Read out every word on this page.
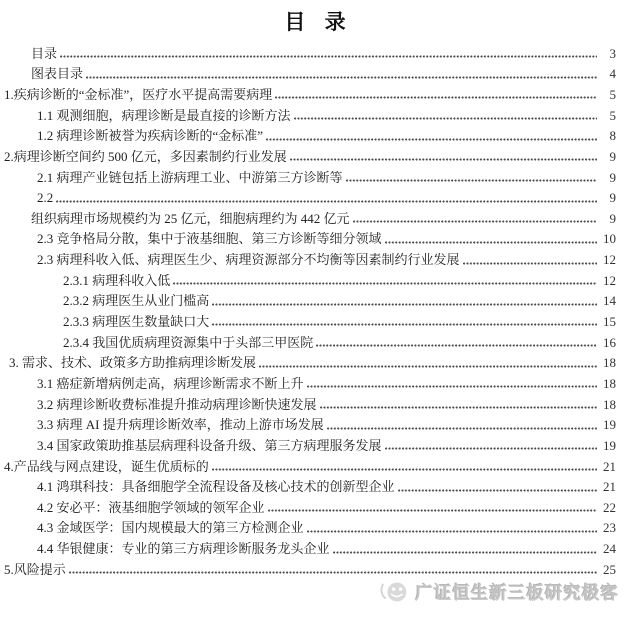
目 录
目录	3
图表目录	4
1.疾病诊断的“金标准”，医疗水平提高需要病理	5
1.1 观测细胞，病理诊断是最直接的诊断方法	5
1.2 病理诊断被誉为疾病诊断的“金标准”	8
2.病理诊断空间约 500 亿元，多因素制约行业发展	9
2.1 病理产业链包括上游病理工业、中游第三方诊断等	9
2.2	9
组织病理市场规模约为 25 亿元，细胞病理约为 442 亿元	9
2.3 竞争格局分散，集中于液基细胞、第三方诊断等细分领域	10
2.3 病理科收入低、病理医生少、病理资源部分不均衡等因素制约行业发展	12
2.3.1 病理科收入低	12
2.3.2 病理医生从业门槛高	14
2.3.3 病理医生数量缺口大	15
2.3.4 我国优质病理资源集中于头部三甲医院	16
3. 需求、技术、政策多方助推病理诊断发展	18
3.1 癌症新增病例走高，病理诊断需求不断上升	18
3.2 病理诊断收费标准提升推动病理诊断快速发展	18
3.3 病理 AI 提升病理诊断效率，推动上游市场发展	19
3.4 国家政策助推基层病理科设备升级、第三方病理服务发展	19
4.产品线与网点建设，诞生优质标的	21
4.1 鸿琪科技：具备细胞学全流程设备及核心技术的创新型企业	21
4.2 安必平：液基细胞学领域的领军企业	22
4.3 金域医学：国内规模最大的第三方检测企业	23
4.4 华银健康：专业的第三方病理诊断服务龙头企业	24
5.风险提示	25
广证恒生新三板研究极客
